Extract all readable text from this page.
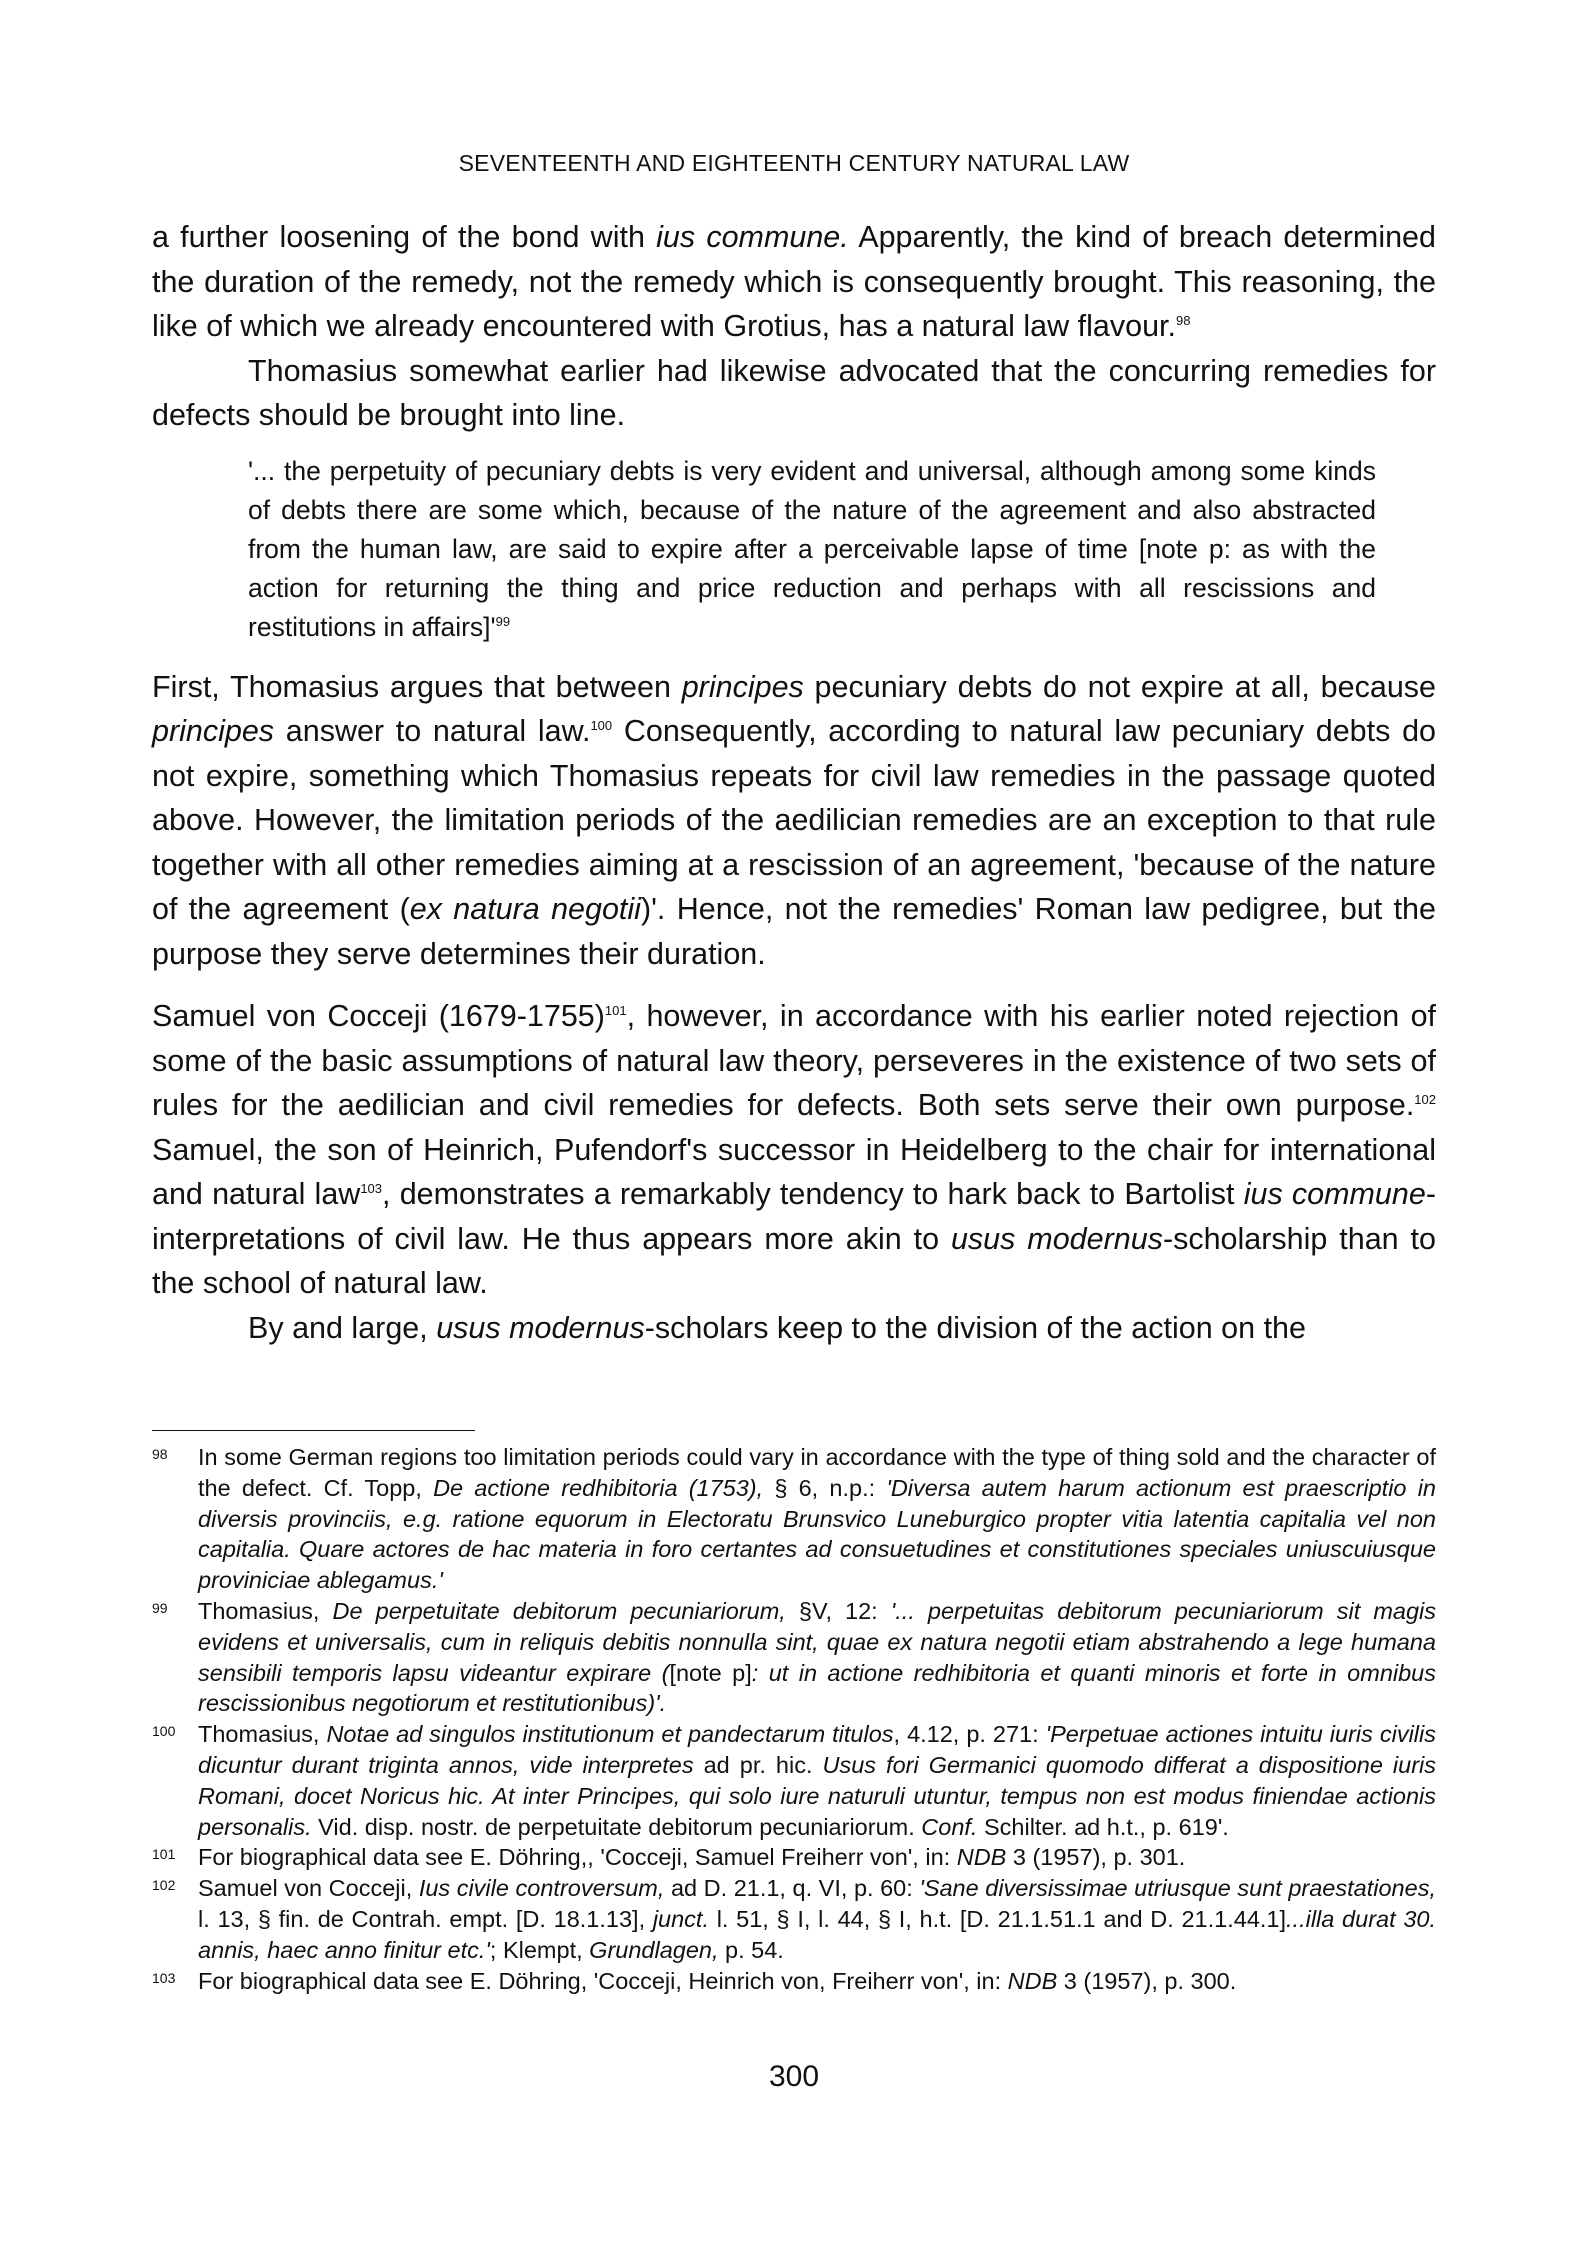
SEVENTEENTH AND EIGHTEENTH CENTURY NATURAL LAW

a further loosening of the bond with ius commune. Apparently, the kind of breach determined the duration of the remedy, not the remedy which is consequently brought. This reasoning, the like of which we already encountered with Grotius, has a natural law flavour.$^{98}$

Thomasius somewhat earlier had likewise advocated that the concurring remedies for defects should be brought into line.

'... the perpetuity of pecuniary debts is very evident and universal, although among some kinds of debts there are some which, because of the nature of the agreement and also abstracted from the human law, are said to expire after a perceivable lapse of time [note p: as with the action for returning the thing and price reduction and perhaps with all rescissions and restitutions in $affairs]'^{99}$

First, Thomasius argues that between principes pecuniary debts do not expire at all, because principes answer to natural law.$^{100}$ Consequently, according to natural law pecuniary debts do not expire, something which Thomasius repeats for civil law remedies in the passage quoted above. However, the limitation periods of the aedilician remedies are an exception to that rule together with all other remedies aiming at a rescission of an agreement, 'because of the nature of the agreement (ex natura negotii)'. Hence, not the remedies' Roman law pedigree, but the purpose they serve determines their duration.

Samuel von Cocceji (1679-1755)$^{101}$, however, in accordance with his earlier noted rejection of some of the basic assumptions of natural law theory, perseveres in the existence of two sets of rules for the aedilician and civil remedies for defects. Both sets serve their own purpose.$^{102}$ Samuel, the son of Heinrich, Pufendorf's successor in Heidelberg to the chair for international and natural law$^{103}$, demonstrates a remarkably tendency to hark back to Bartolist ius commune-interpretations of civil law. He thus appears more akin to usus modernus-scholarship than to the school of natural law.

By and large, usus modernus-scholars keep to the division of the action on the

98	In some German regions too limitation periods could vary in accordance with the type of thing sold and the character of the defect. Cf. Topp, De actione redhibitoria (1753), § 6, n.p.: 'Diversa autem harum actionum est praescriptio in diversis provinciis, e.g. ratione equorum in Electoratu Brunsvico Luneburgico propter vitia latentia capitalia vel non capitalia. Quare actores de hac materia in foro certantes ad consuetudines et constitutiones speciales uniuscuiusque proviniciae ablegamus.'
99	Thomasius, De perpetuitate debitorum pecuniariorum, §V, 12: '... perpetuitas debitorum pecuniariorum sit magis evidens et universalis, cum in reliquis debitis nonnulla sint, quae ex natura negotii etiam abstrahendo a lege humana sensibili temporis lapsu videantur expirare ([note p]: ut in actione redhibitoria et quanti minoris et forte in omnibus rescissionibus negotiorum et restitutionibus)'.
100 Thomasius, Notae ad singulos institutionum et pandectarum titulos, 4.12, p. 271: 'Perpetuae actiones intuitu iuris civilis dicuntur durant triginta annos, vide interpretes ad pr. hic. Usus fori Germanici quomodo differat a dispositione iuris Romani, docet Noricus hic. At inter Principes, qui solo iure naturuli utuntur, tempus non est modus finiendae actionis personalis. Vid. disp. nostr. de perpetuitate debitorum pecuniariorum. Conf. Schilter. ad h.t., p. 619'.
101 For biographical data see E. Döhring,, 'Cocceji, Samuel Freiherr von', in: NDB 3 (1957), p. 301.
102 Samuel von Cocceji, Ius civile controversum, ad D. 21.1, q. VI, p. 60: 'Sane diversissimae utriusque sunt praestationes, l. 13, § fin. de Contrah. empt. [D. 18.1.13], junct. l. 51, § I, l. 44, § I, h.t. [D. 21.1.51.1 and D. 21.1.44.1]...illa durat 30. annis, haec anno finitur etc.'; Klempt, Grundlagen, p. 54.
103 For biographical data see E. Döhring, 'Cocceji, Heinrich von, Freiherr von', in: NDB 3 (1957), p. 300.
300
